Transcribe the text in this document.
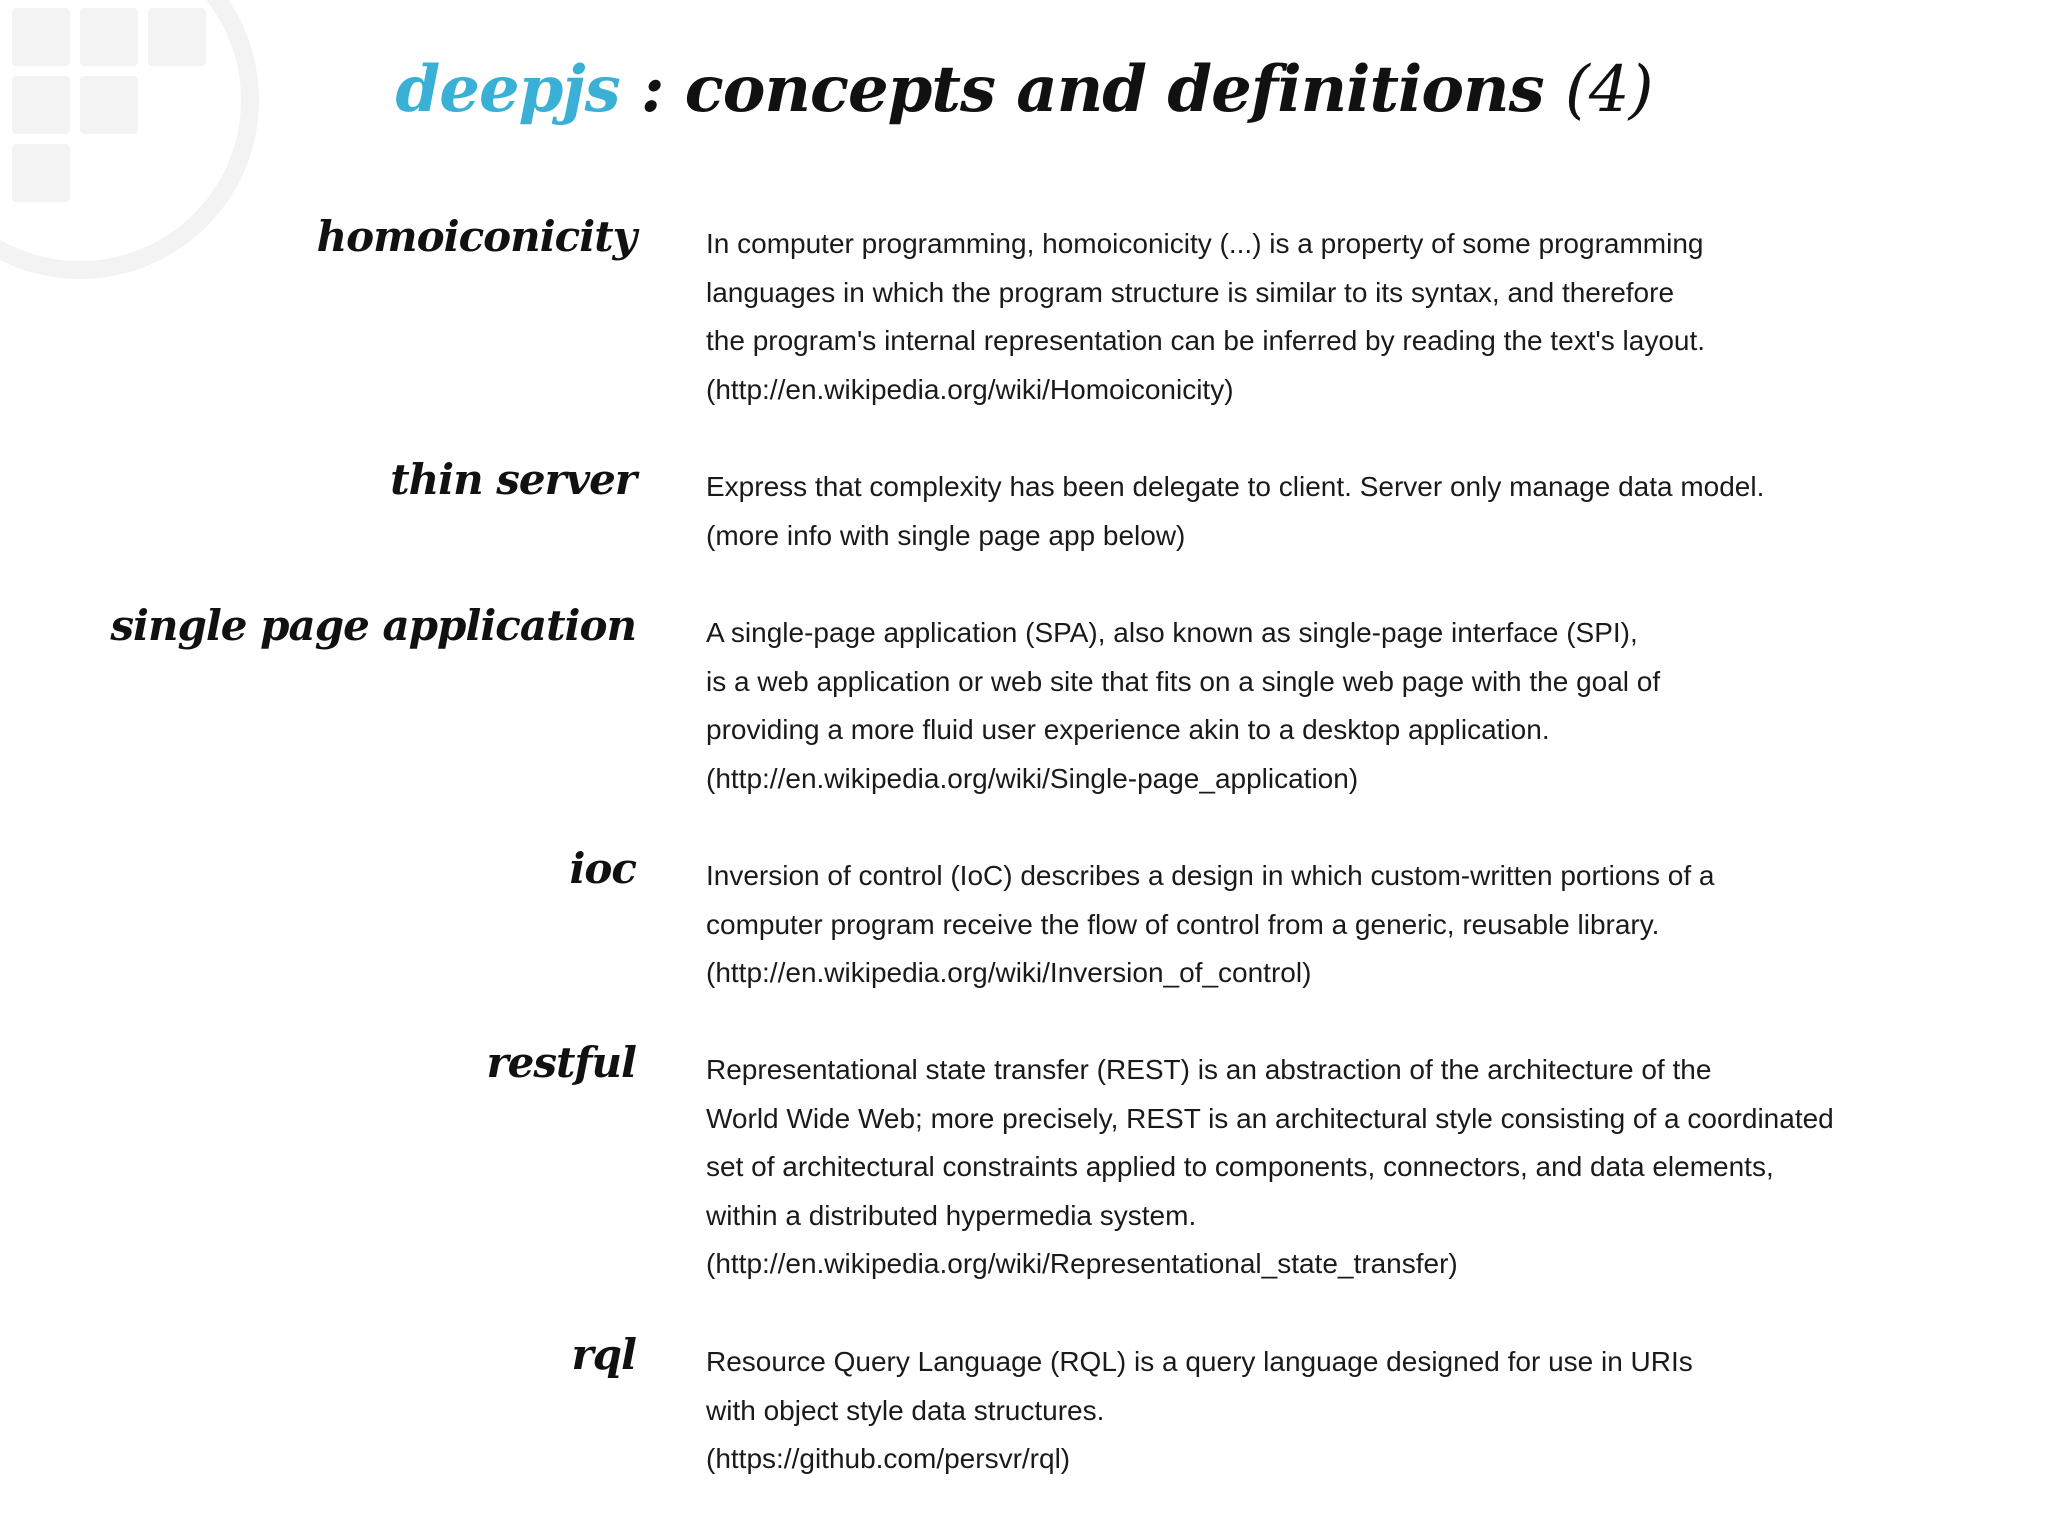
deepjs : concepts and definitions (4)
homoiconicity	In computer programming, homoiconicity (...) is a property of some programming
languages in which the program structure is similar to its syntax, and therefore
the program's internal representation can be inferred by reading the text's layout.
(http://en.wikipedia.org/wiki/Homoiconicity)
thin server	Express that complexity has been delegate to client. Server only manage data model.
(more info with single page app below)
single page application	A single-page application (SPA), also known as single-page interface (SPI),
is a web application or web site that fits on a single web page with the goal of
providing a more fluid user experience akin to a desktop application.
(http://en.wikipedia.org/wiki/Single-page_application)
ioc	Inversion of control (IoC) describes a design in which custom-written portions of a
computer program receive the flow of control from a generic, reusable library.
(http://en.wikipedia.org/wiki/Inversion_of_control)
restful	Representational state transfer (REST) is an abstraction of the architecture of the
World Wide Web; more precisely, REST is an architectural style consisting of a coordinated
set of architectural constraints applied to components, connectors, and data elements,
within a distributed hypermedia system.
(http://en.wikipedia.org/wiki/Representational_state_transfer)
rql	Resource Query Language (RQL) is a query language designed for use in URIs
with object style data structures.
(https://github.com/persvr/rql)
